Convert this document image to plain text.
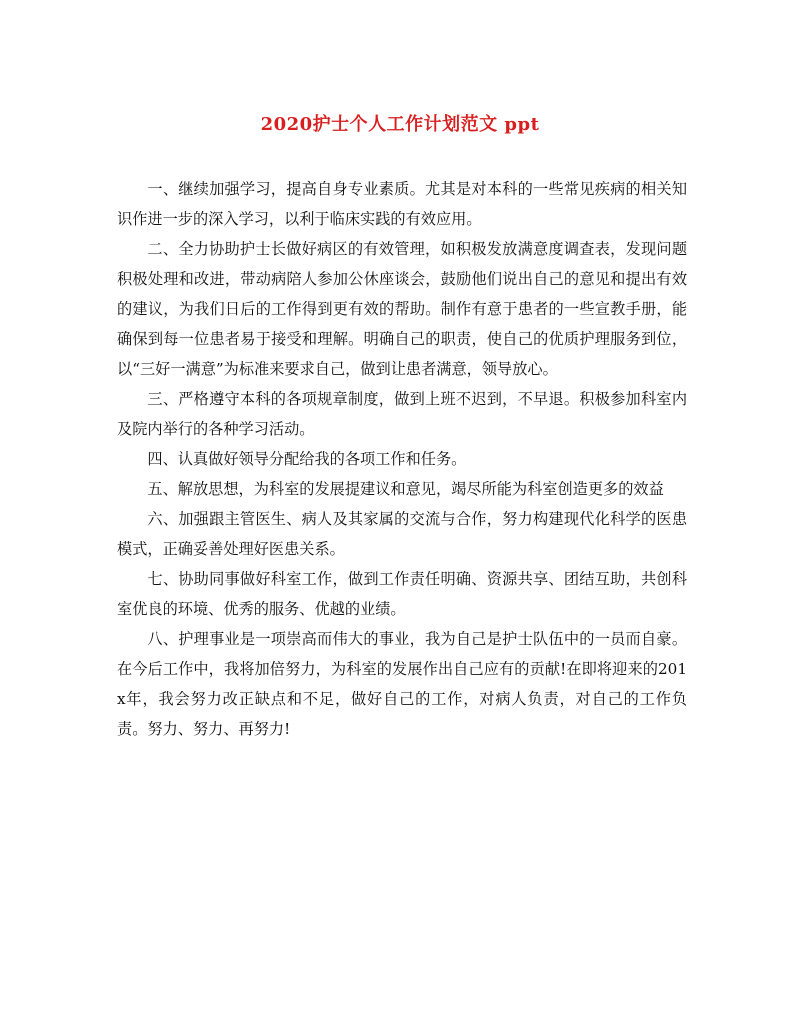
2020护士个人工作计划范文 ppt

一、继续加强学习，提高自身专业素质。尤其是对本科的一些常见疾病的相关知识作进一步的深入学习，以利于临床实践的有效应用。

二、全力协助护士长做好病区的有效管理，如积极发放满意度调查表，发现问题积极处理和改进，带动病陪人参加公休座谈会，鼓励他们说出自己的意见和提出有效的建议，为我们日后的工作得到更有效的帮助。制作有意于患者的一些宣教手册，能确保到每一位患者易于接受和理解。明确自己的职责，使自己的优质护理服务到位，以“三好一满意”为标准来要求自己，做到让患者满意，领导放心。

三、严格遵守本科的各项规章制度，做到上班不迟到，不早退。积极参加科室内及院内举行的各种学习活动。

四、认真做好领导分配给我的各项工作和任务。

五、解放思想，为科室的发展提建议和意见，竭尽所能为科室创造更多的效益

六、加强跟主管医生、病人及其家属的交流与合作，努力构建现代化科学的医患模式，正确妥善处理好医患关系。

七、协助同事做好科室工作，做到工作责任明确、资源共享、团结互助，共创科室优良的环境、优秀的服务、优越的业绩。

八、护理事业是一项崇高而伟大的事业，我为自己是护士队伍中的一员而自豪。在今后工作中，我将加倍努力，为科室的发展作出自己应有的贡献!在即将迎来的201x年，我会努力改正缺点和不足，做好自己的工作，对病人负责，对自己的工作负责。努力、努力、再努力!
